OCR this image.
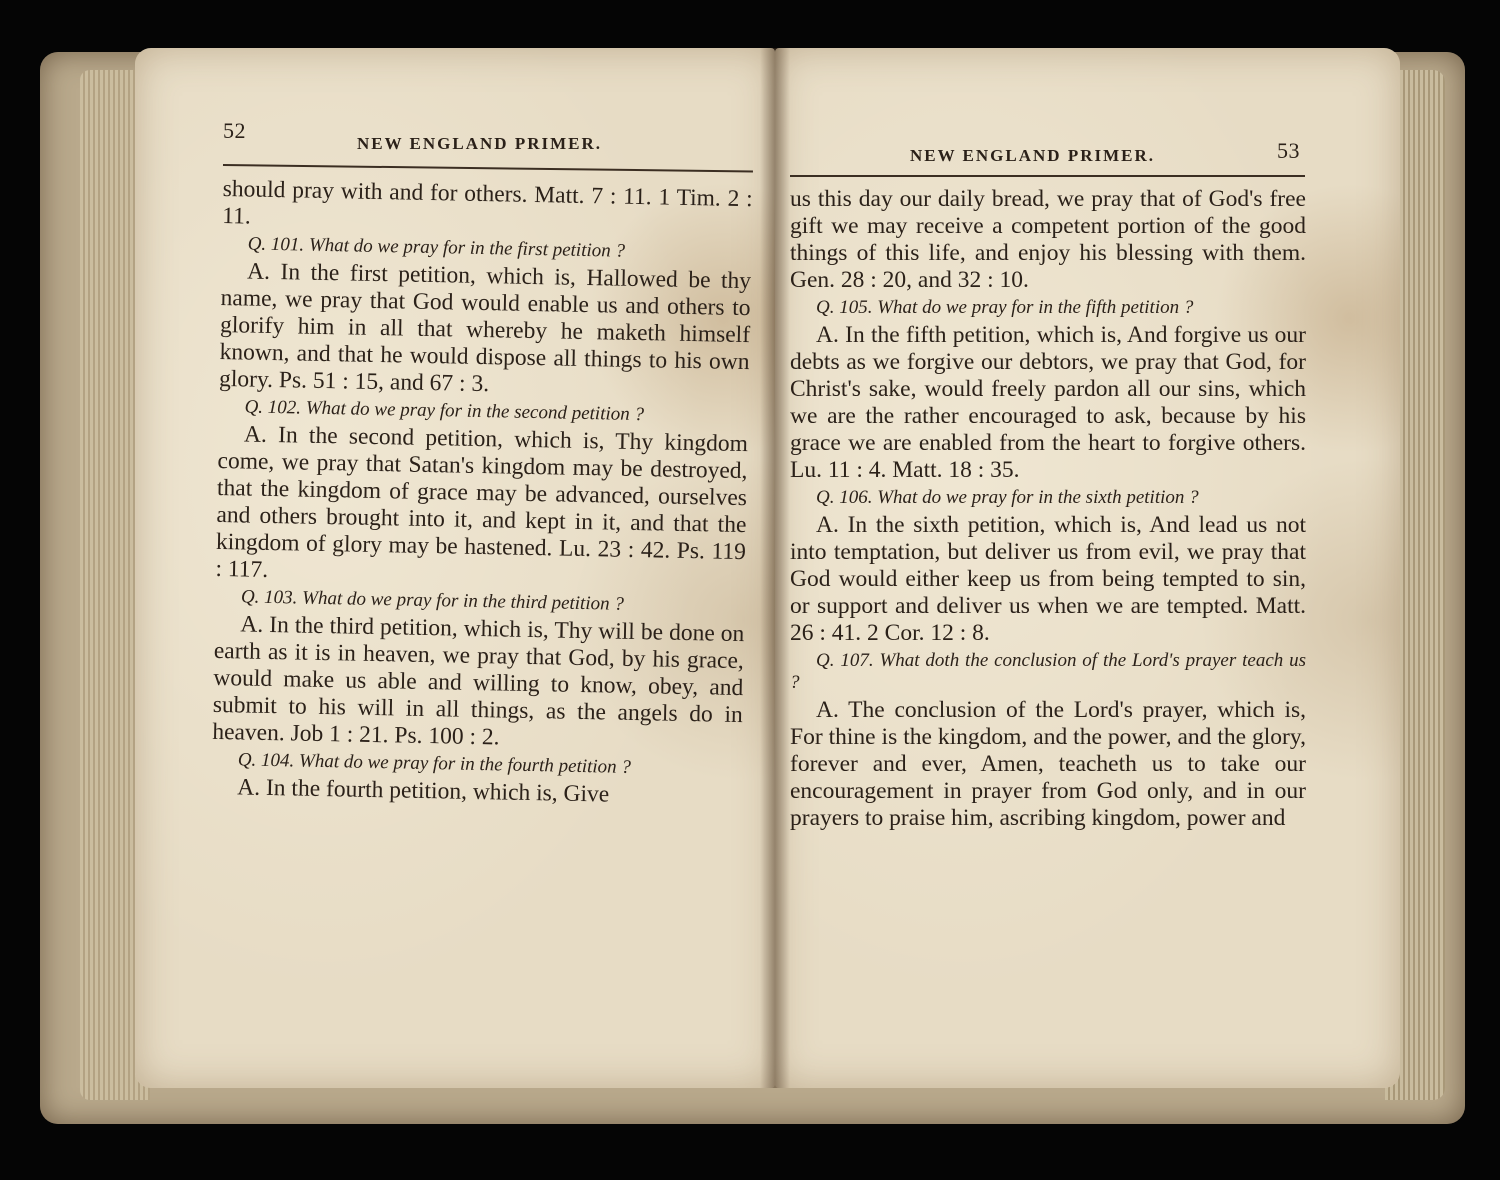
52
NEW ENGLAND PRIMER.

should pray with and for others. Matt. 7 : 11. 1 Tim. 2 : 11.

Q. 101. What do we pray for in the first petition ?

A. In the first petition, which is, Hallowed be thy name, we pray that God would enable us and others to glorify him in all that whereby he maketh himself known, and that he would dispose all things to his own glory. Ps. 51 : 15, and 67 : 3.

Q. 102. What do we pray for in the second petition ?

A. In the second petition, which is, Thy kingdom come, we pray that Satan's kingdom may be destroyed, that the kingdom of grace may be advanced, ourselves and others brought into it, and kept in it, and that the kingdom of glory may be hastened. Lu. 23 : 42. Ps. 119 : 117.

Q. 103. What do we pray for in the third petition ?

A. In the third petition, which is, Thy will be done on earth as it is in heaven, we pray that God, by his grace, would make us able and willing to know, obey, and submit to his will in all things, as the angels do in heaven. Job 1 : 21. Ps. 100 : 2.

Q. 104. What do we pray for in the fourth petition ?

A. In the fourth petition, which is, Give

NEW ENGLAND PRIMER.	53

us this day our daily bread, we pray that of God's free gift we may receive a competent portion of the good things of this life, and enjoy his blessing with them. Gen. 28 : 20, and 32 : 10.

Q. 105. What do we pray for in the fifth petition ?

A. In the fifth petition, which is, And forgive us our debts as we forgive our debtors, we pray that God, for Christ's sake, would freely pardon all our sins, which we are the rather encouraged to ask, because by his grace we are enabled from the heart to forgive others. Lu. 11 : 4. Matt. 18 : 35.

Q. 106. What do we pray for in the sixth petition ?

A. In the sixth petition, which is, And lead us not into temptation, but deliver us from evil, we pray that God would either keep us from being tempted to sin, or support and deliver us when we are tempted. Matt. 26 : 41. 2 Cor. 12 : 8.

Q. 107. What doth the conclusion of the Lord's prayer teach us ?

A. The conclusion of the Lord's prayer, which is, For thine is the kingdom, and the power, and the glory, forever and ever, Amen, teacheth us to take our encouragement in prayer from God only, and in our prayers to praise him, ascribing kingdom, power and
